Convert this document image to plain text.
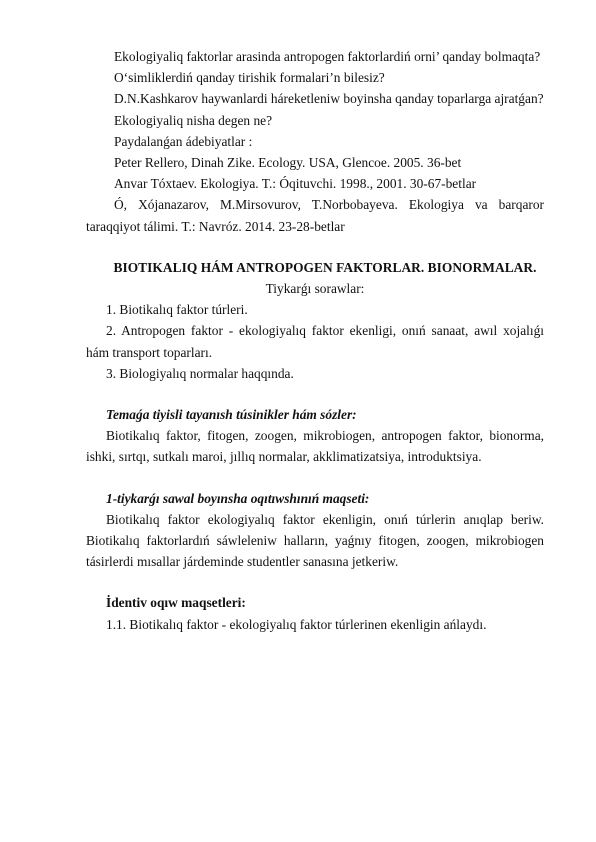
Ekologiyaliq faktorlar arasinda antropogen faktorlardiń orni’ qanday bolmaqta?

O‘simliklerdiń qanday tirishik formalari’n bilesiz?

D.N.Kashkarov haywanlardi háreketleniw boyinsha qanday toparlarga ajratǵan?

Ekologiyaliq nisha degen ne?

Paydalanǵan ádebiyatlar :

Peter Rellero, Dinah Zike. Ecology. USA, Glencoe. 2005. 36-bet

Anvar Tóxtaev. Ekologiya. T.: Óqituvchi. 1998., 2001. 30-67-betlar

Ó, Xójanazarov, M.Mirsovurov, T.Norbobayeva. Ekologiya va barqaror taraqqiyot tálimi. T.: Navróz. 2014. 23-28-betlar

BIOTIKALIQ HÁM ANTROPOGEN FAKTORLAR. BIONORMALAR.

Tiykarǵı sorawlar:

1. Biotikalıq faktor túrleri.

2. Antropogen faktor - ekologiyalıq faktor ekenligi, onıń sanaat, awıl xojalıǵı hám transport toparları.

3. Biologiyalıq normalar haqqında.

Temaǵa tiyisli tayanısh túsinikler hám sózler:

Biotikalıq faktor, fitogen, zoogen, mikrobiogen, antropogen faktor, bionorma, ishki, sırtqı, sutkalı maroi, jıllıq normalar, akklimatizatsiya, introduktsiya.

1-tiykarǵı sawal boyınsha oqıtıwshınıń maqseti:

Biotikalıq faktor ekologiyalıq faktor ekenligin, onıń túrlerin anıqlap beriw. Biotikalıq faktorlardıń sáwleleniw halların, yaǵnıy fitogen, zoogen, mikrobiogen tásirlerdi mısallar járdeminde studentler sanasına jetkeriw.

İdentiv oqıw maqsetleri:

1.1. Biotikalıq faktor - ekologiyalıq faktor túrlerinen ekenligin ańlaydı.
